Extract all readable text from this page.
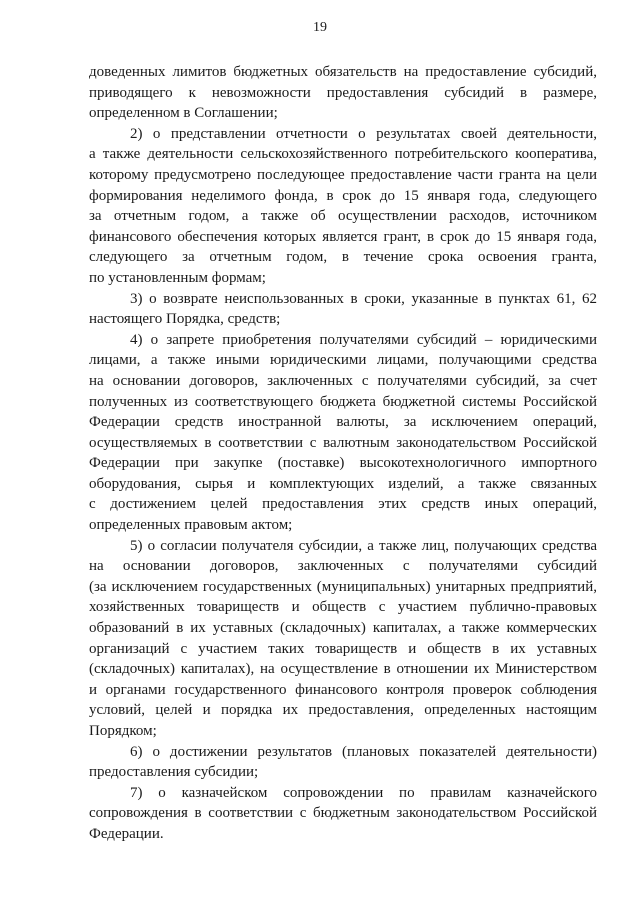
19
доведенных лимитов бюджетных обязательств на предоставление субсидий,
приводящего к невозможности предоставления субсидий в размере,
определенном в Соглашении;
2) о представлении отчетности о результатах своей деятельности,
а также деятельности сельскохозяйственного потребительского кооператива,
которому предусмотрено последующее предоставление части гранта на цели
формирования неделимого фонда, в срок до 15 января года, следующего
за отчетным годом, а также об осуществлении расходов, источником
финансового обеспечения которых является грант, в срок до 15 января года,
следующего за отчетным годом, в течение срока освоения гранта,
по установленным формам;
3) о возврате неиспользованных в сроки, указанные в пунктах 61, 62
настоящего Порядка, средств;
4) о запрете приобретения получателями субсидий – юридическими
лицами, а также иными юридическими лицами, получающими средства
на основании договоров, заключенных с получателями субсидий, за счет
полученных из соответствующего бюджета бюджетной системы Российской
Федерации средств иностранной валюты, за исключением операций,
осуществляемых в соответствии с валютным законодательством Российской
Федерации при закупке (поставке) высокотехнологичного импортного
оборудования, сырья и комплектующих изделий, а также связанных
с достижением целей предоставления этих средств иных операций,
определенных правовым актом;
5) о согласии получателя субсидии, а также лиц, получающих средства
на основании договоров, заключенных с получателями субсидий
(за исключением государственных (муниципальных) унитарных предприятий,
хозяйственных товариществ и обществ с участием публично-правовых
образований в их уставных (складочных) капиталах, а также коммерческих
организаций с участием таких товариществ и обществ в их уставных
(складочных) капиталах), на осуществление в отношении их Министерством
и органами государственного финансового контроля проверок соблюдения
условий, целей и порядка их предоставления, определенных настоящим
Порядком;
6) о достижении результатов (плановых показателей деятельности)
предоставления субсидии;
7) о казначейском сопровождении по правилам казначейского
сопровождения в соответствии с бюджетным законодательством Российской
Федерации.
